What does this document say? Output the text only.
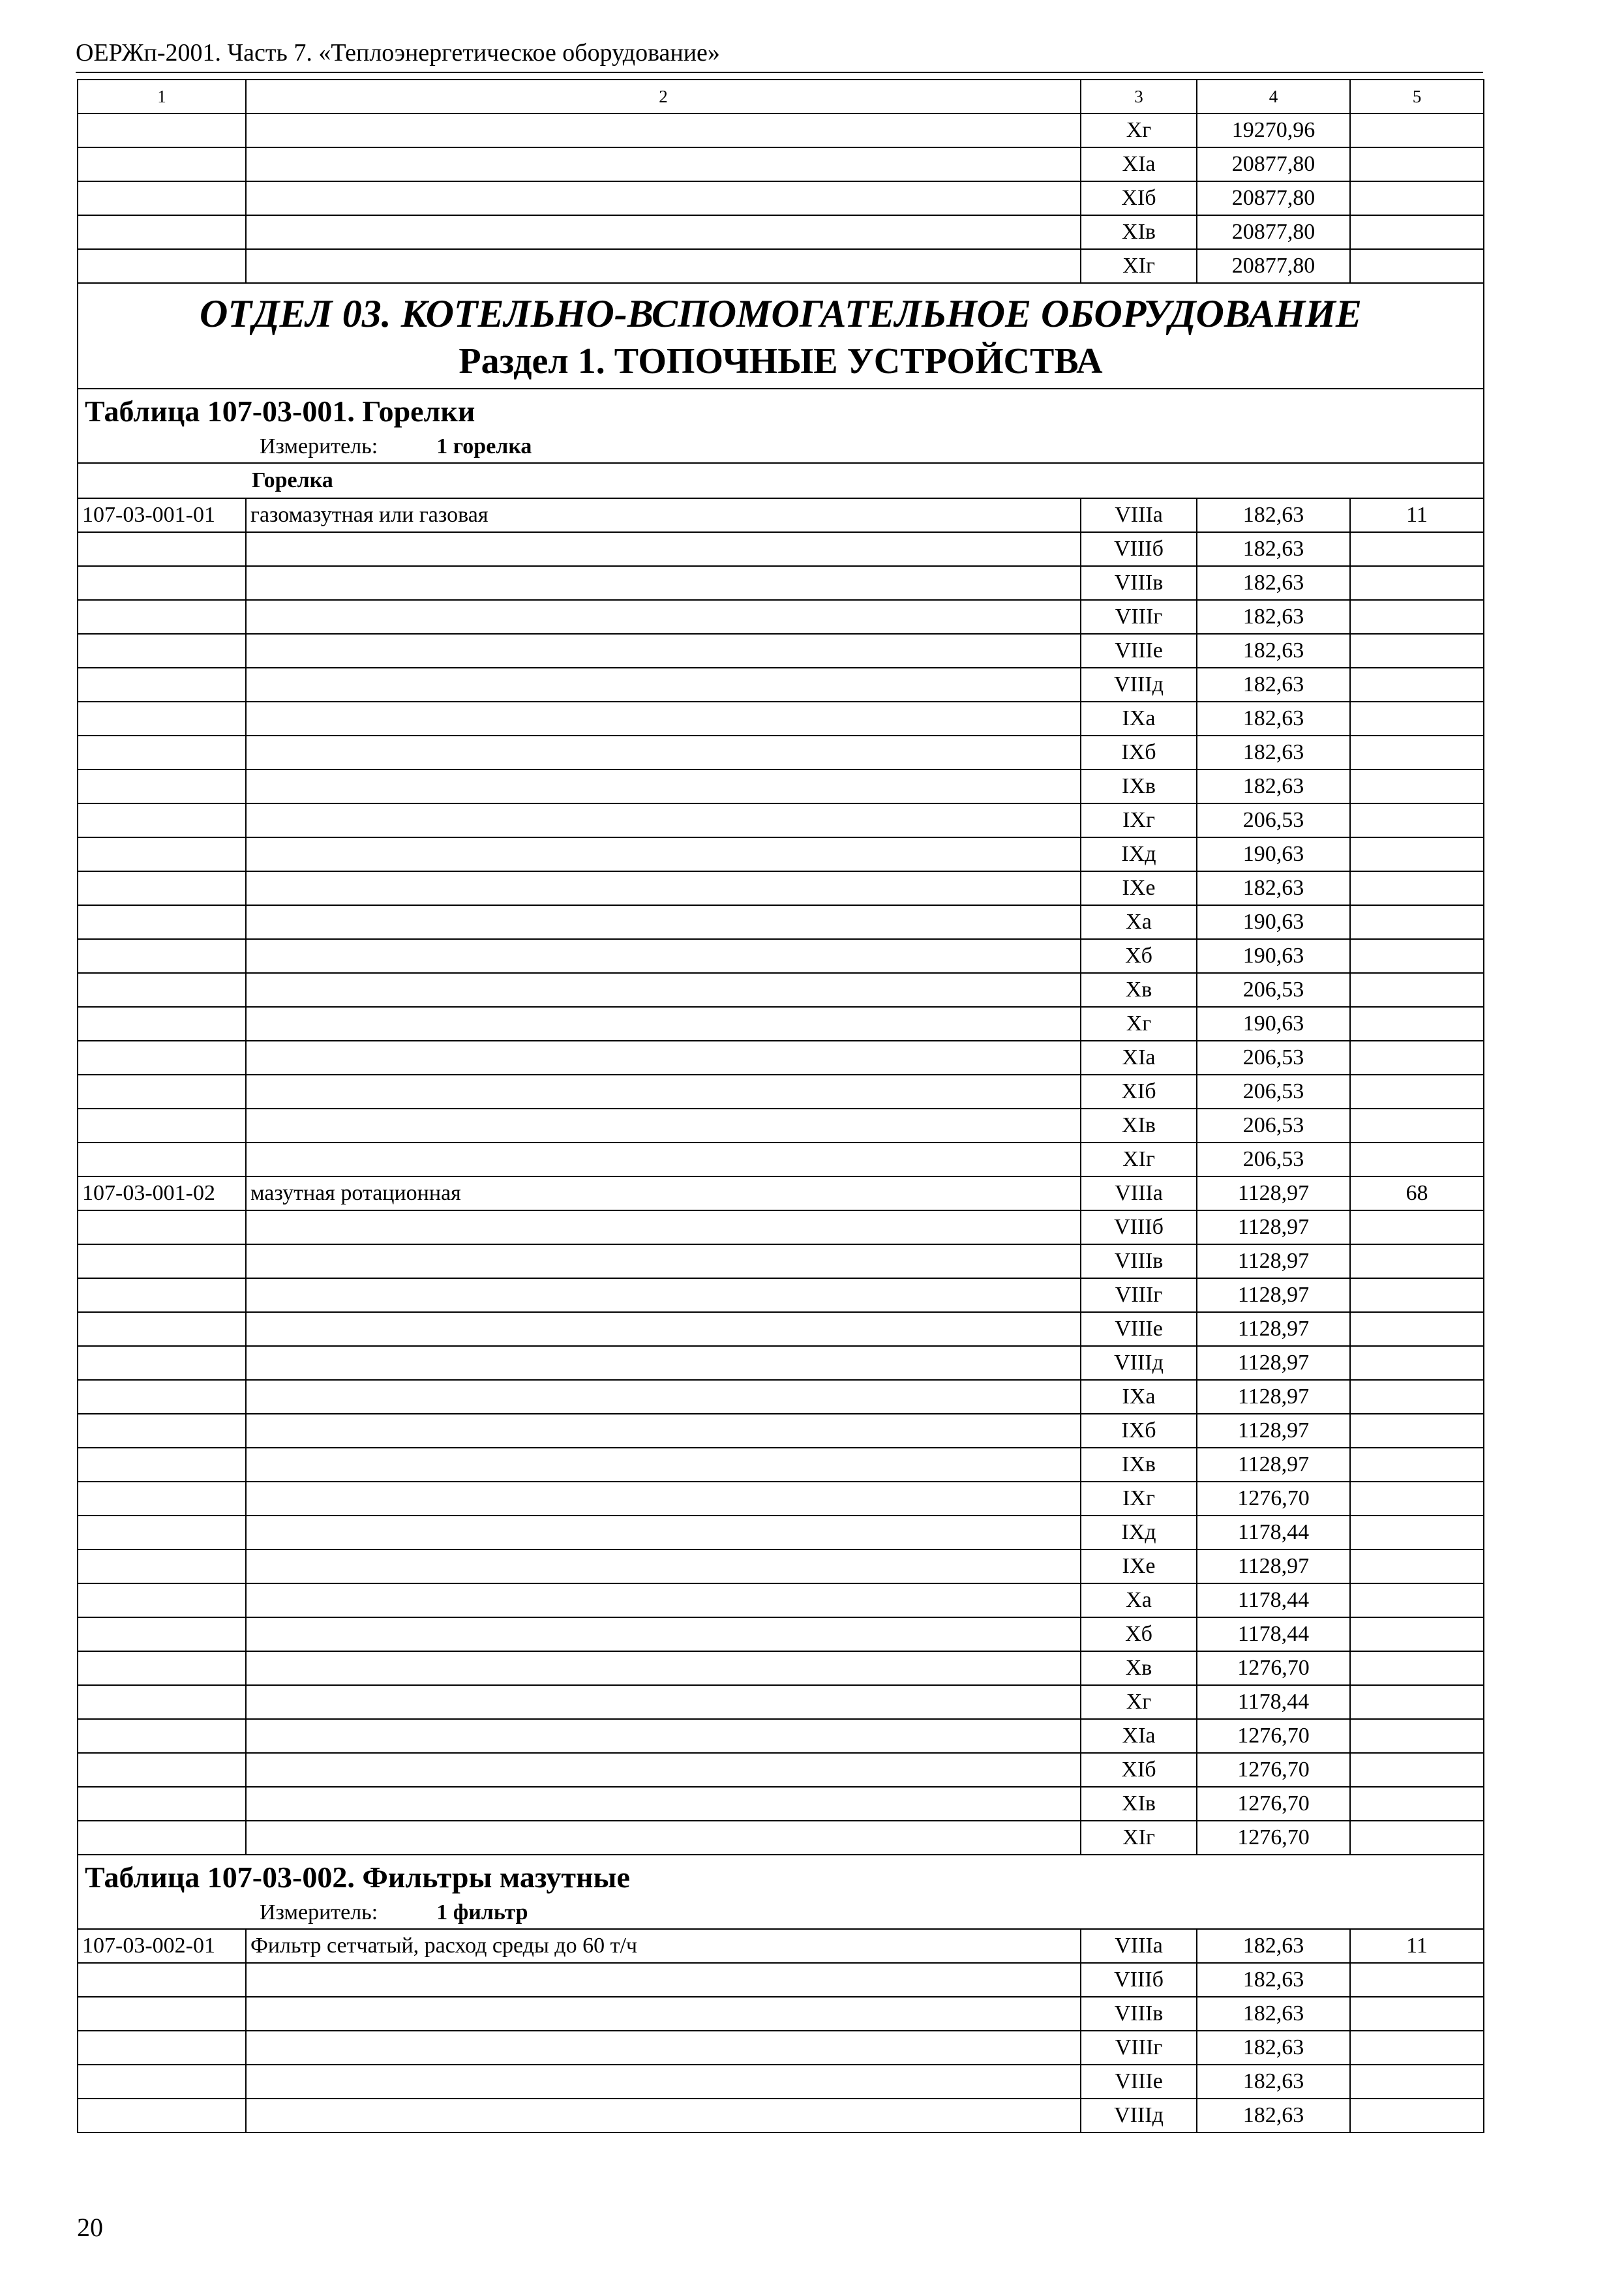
ОЕРЖп-2001. Часть 7. «Теплоэнергетическое оборудование»
1	2	3	4	5
		Xг	19270,96	
		XIа	20877,80	
		XIб	20877,80	
		XIв	20877,80	
		XIг	20877,80	

ОТДЕЛ 03. КОТЕЛЬНО-ВСПОМОГАТЕЛЬНОЕ ОБОРУДОВАНИЕ
Раздел 1. ТОПОЧНЫЕ УСТРОЙСТВА				

Таблица 107-03-001. Горелки
Измеритель: 1 горелка				

Горелка				
107-03-001-01	газомазутная или газовая	VIIIа	182,63	11
		VIIIб	182,63	
		VIIIв	182,63	
		VIIIг	182,63	
		VIIIе	182,63	
		VIIIд	182,63	
		IXа	182,63	
		IXб	182,63	
		IXв	182,63	
		IXг	206,53	
		IXд	190,63	
		IXе	182,63	
		Xа	190,63	
		Xб	190,63	
		Xв	206,53	
		Xг	190,63	
		XIа	206,53	
		XIб	206,53	
		XIв	206,53	
		XIг	206,53	
107-03-001-02	мазутная ротационная	VIIIа	1128,97	68
		VIIIб	1128,97	
		VIIIв	1128,97	
		VIIIг	1128,97	
		VIIIе	1128,97	
		VIIIд	1128,97	
		IXа	1128,97	
		IXб	1128,97	
		IXв	1128,97	
		IXг	1276,70	
		IXд	1178,44	
		IXе	1128,97	
		Xа	1178,44	
		Xб	1178,44	
		Xв	1276,70	
		Xг	1178,44	
		XIа	1276,70	
		XIб	1276,70	
		XIв	1276,70	
		XIг	1276,70	

Таблица 107-03-002. Фильтры мазутные
Измеритель: 1 фильтр				

107-03-002-01	Фильтр сетчатый, расход среды до 60 т/ч	VIIIа	182,63	11
		VIIIб	182,63	
		VIIIв	182,63	
		VIIIг	182,63	
		VIIIе	182,63	
		VIIIд	182,63	
20
